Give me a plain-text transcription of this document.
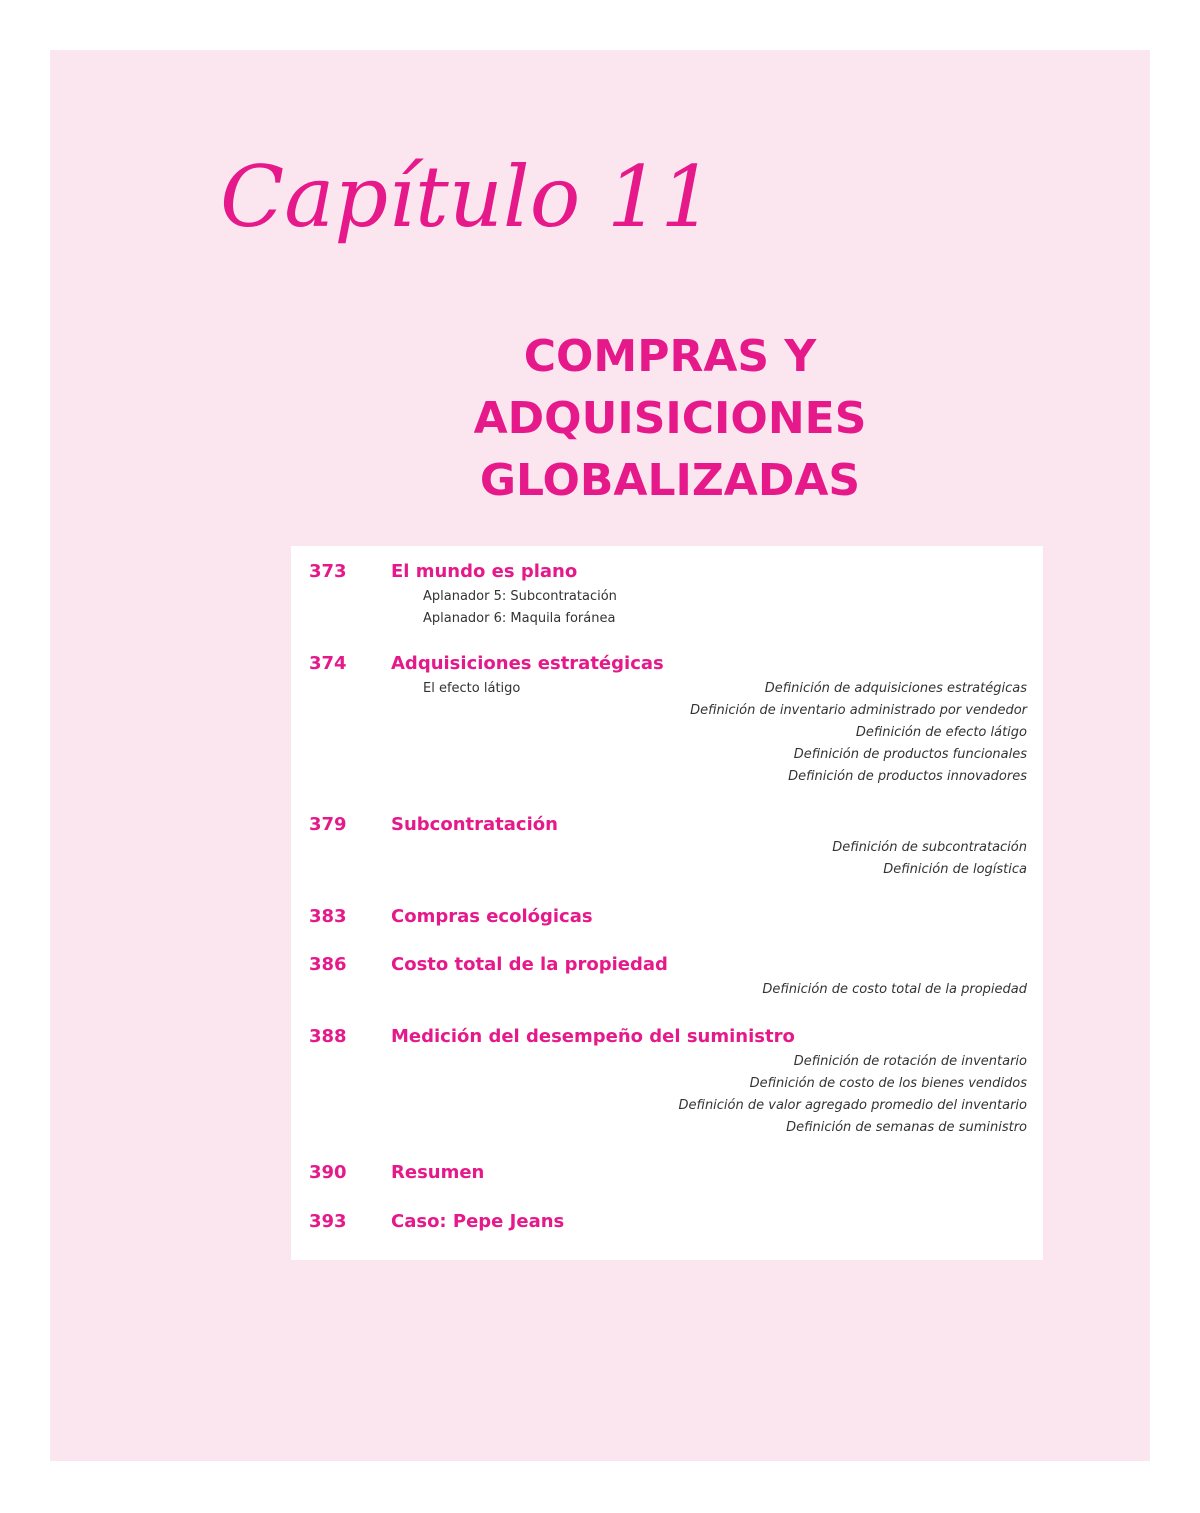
Capítulo 11
COMPRAS Y
ADQUISICIONES
GLOBALIZADAS
373 El mundo es plano
Aplanador 5: Subcontratación
Aplanador 6: Maquila foránea
374 Adquisiciones estratégicas
El efecto látigo	Definición de adquisiciones estratégicas
Definición de inventario administrado por vendedor
Definición de efecto látigo
Definición de productos funcionales
Definición de productos innovadores
379 Subcontratación
Definición de subcontratación
Definición de logística
383 Compras ecológicas
386 Costo total de la propiedad
Definición de costo total de la propiedad
388 Medición del desempeño del suministro
Definición de rotación de inventario
Definición de costo de los bienes vendidos
Definición de valor agregado promedio del inventario
Definición de semanas de suministro
390 Resumen
393 Caso: Pepe Jeans
